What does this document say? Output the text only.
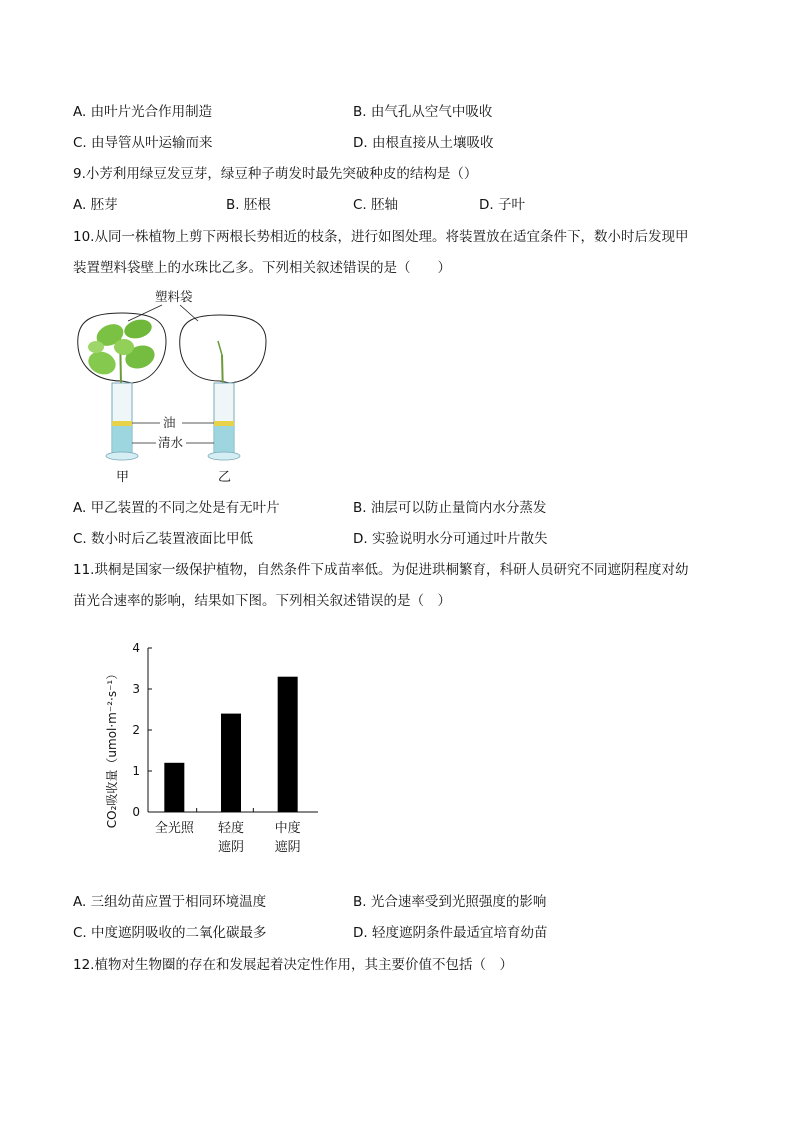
A. 由叶片光合作用制造	B. 由气孔从空气中吸收
C. 由导管从叶运输而来	D. 由根直接从土壤吸收
9.小芳利用绿豆发豆芽，绿豆种子萌发时最先突破种皮的结构是（）
A. 胚芽	B. 胚根	C. 胚轴	D. 子叶
10.从同一株植物上剪下两根长势相近的枝条，进行如图处理。将装置放在适宜条件下，数小时后发现甲
装置塑料袋壁上的水珠比乙多。下列相关叙述错误的是（　　）
塑料袋
油
清水
甲	乙
A. 甲乙装置的不同之处是有无叶片	B. 油层可以防止量筒内水分蒸发
C. 数小时后乙装置液面比甲低	D. 实验说明水分可通过叶片散失
11.珙桐是国家一级保护植物，自然条件下成苗率低。为促进珙桐繁育，科研人员研究不同遮阴程度对幼
苗光合速率的影响，结果如下图。下列相关叙述错误的是（　）
CO₂吸收量（umol·m⁻²·s⁻¹） 0
1
2
3
4
全光照 轻度
遮阴
中度
遮阴
A. 三组幼苗应置于相同环境温度	B. 光合速率受到光照强度的影响
C. 中度遮阴吸收的二氧化碳最多	D. 轻度遮阴条件最适宜培育幼苗
12.植物对生物圈的存在和发展起着决定性作用，其主要价值不包括（　）
